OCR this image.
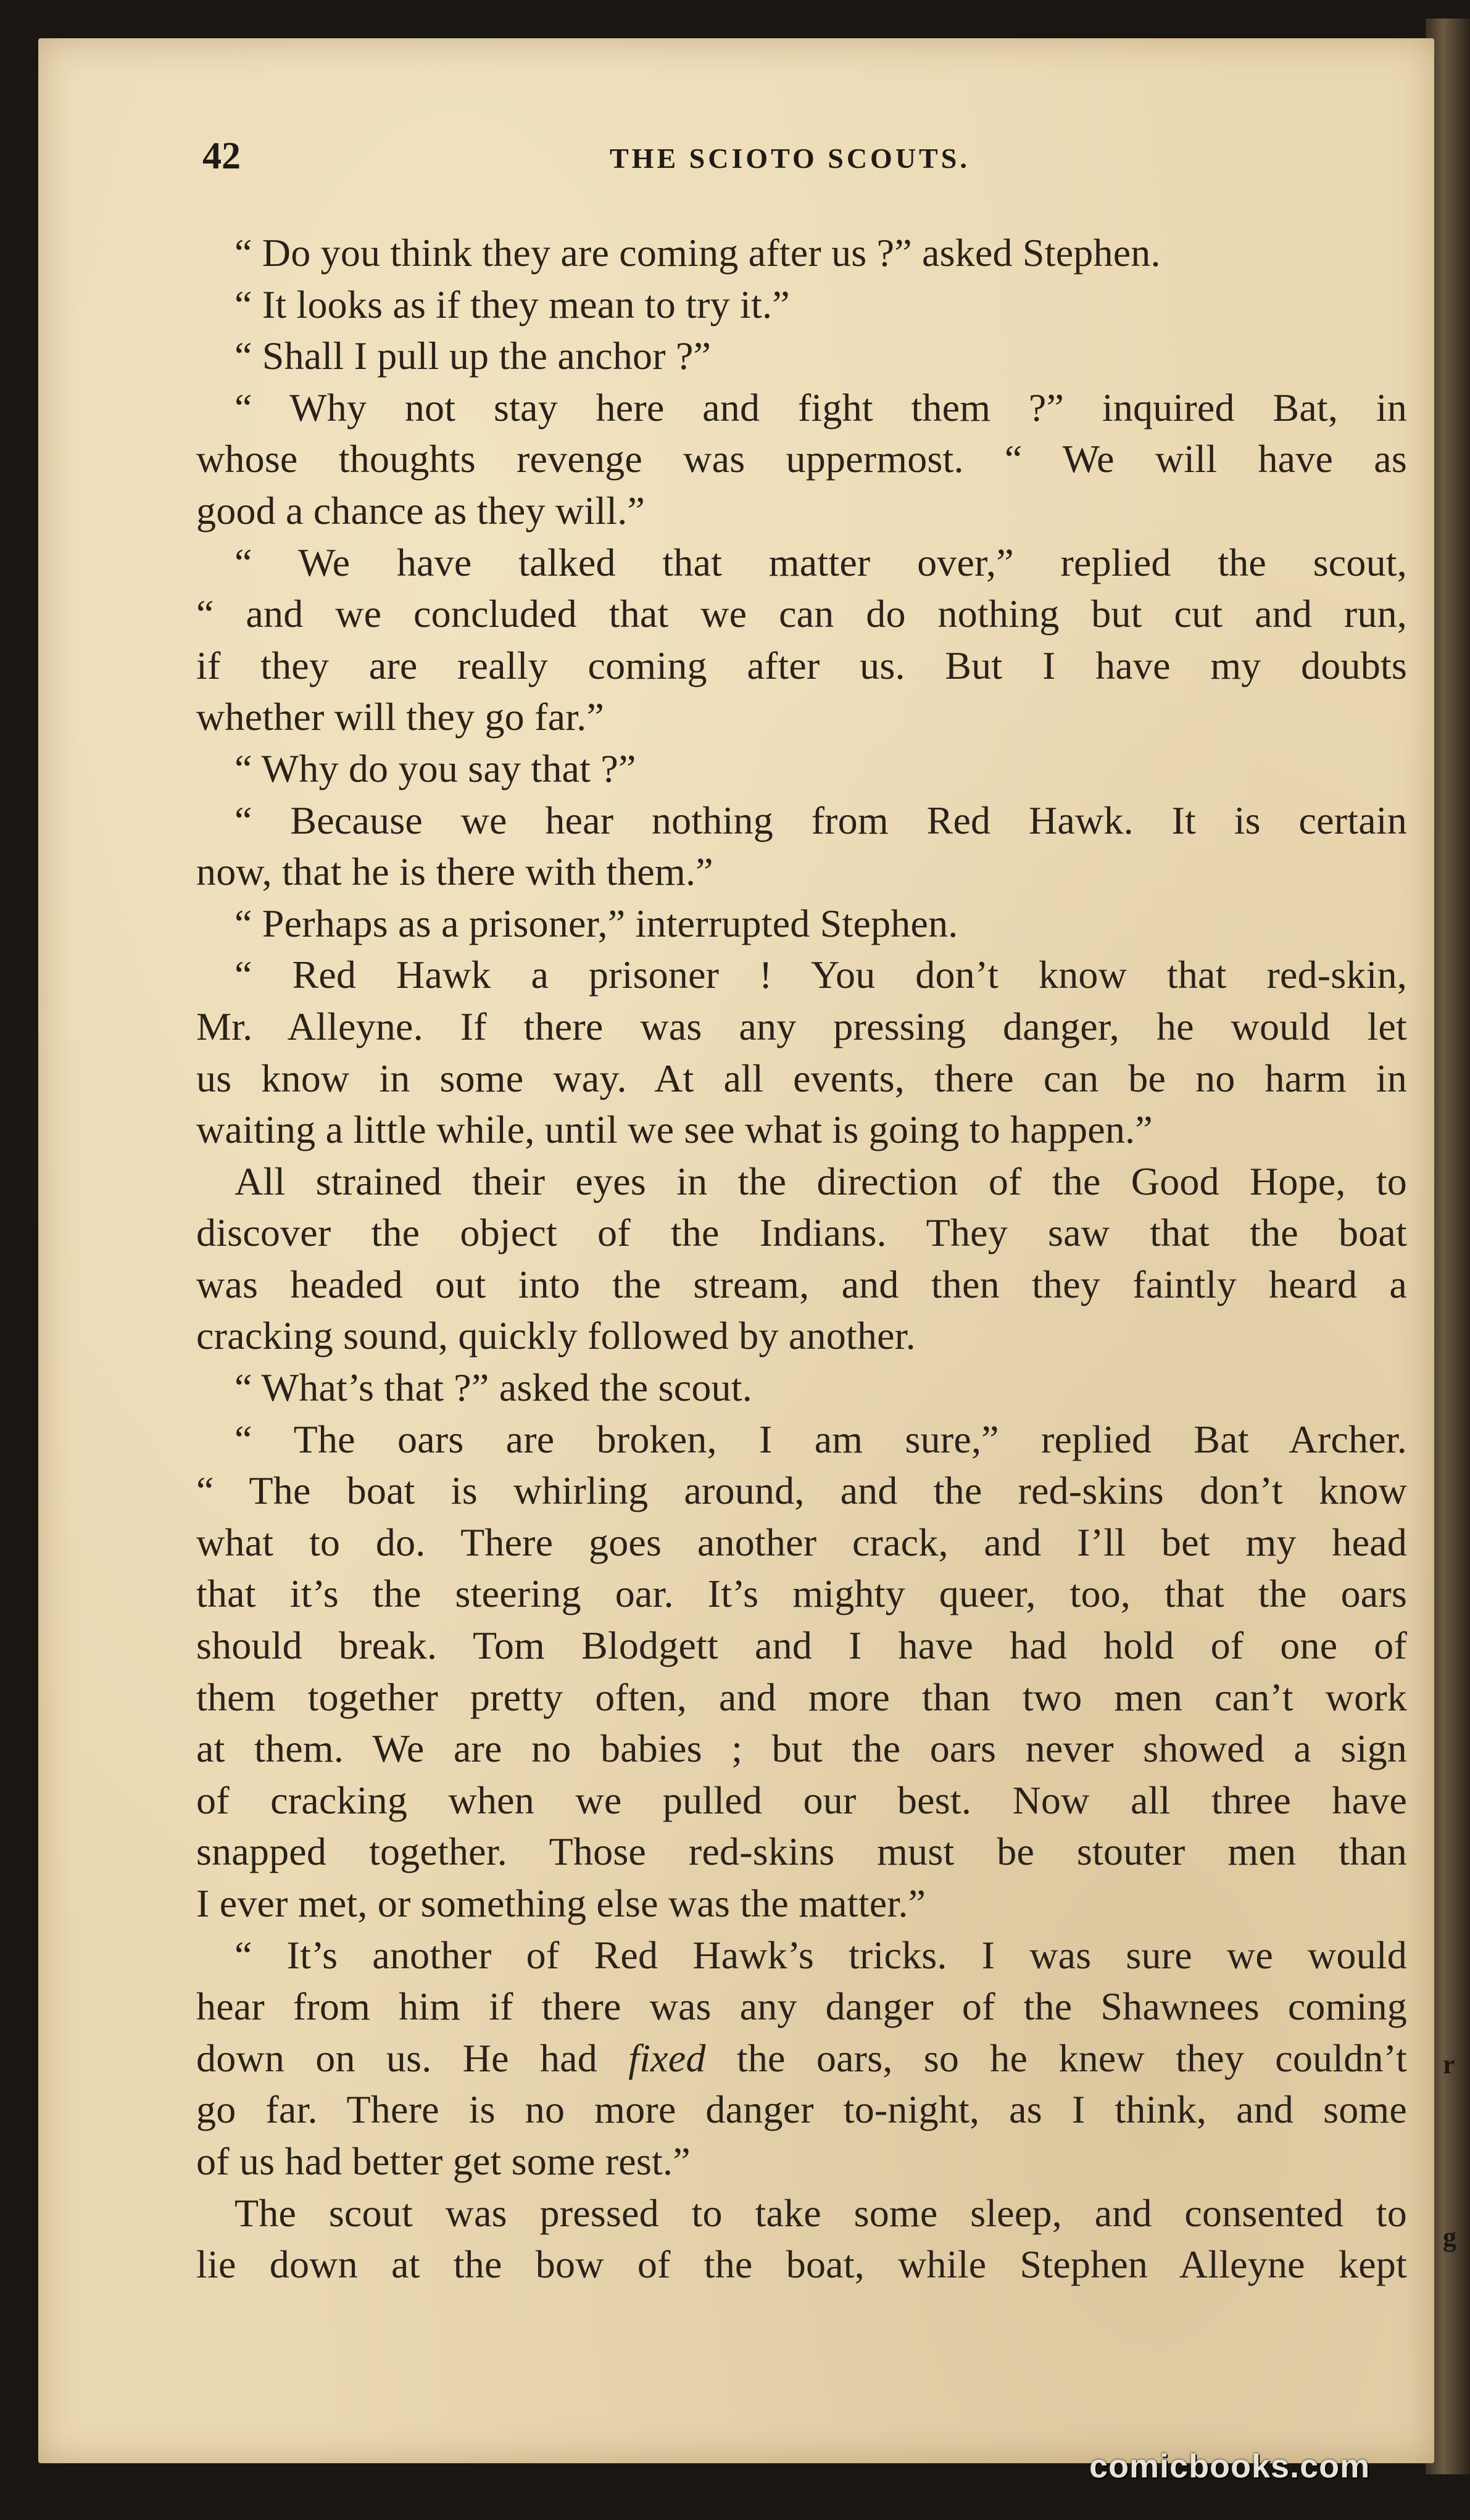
r
g
42	THE SCIOTO SCOUTS.
“ Do you think they are coming after us ?” asked Stephen.
“ It looks as if they mean to try it.”
“ Shall I pull up the anchor ?”
“ Why not stay here and fight them ?” inquired Bat, in
whose thoughts revenge was uppermost. “ We will have as
good a chance as they will.”
“ We have talked that matter over,” replied the scout,
“ and we concluded that we can do nothing but cut and run,
if they are really coming after us. But I have my doubts
whether will they go far.”
“ Why do you say that ?”
“ Because we hear nothing from Red Hawk. It is certain
now, that he is there with them.”
“ Perhaps as a prisoner,” interrupted Stephen.
“ Red Hawk a prisoner ! You don’t know that red-skin,
Mr. Alleyne. If there was any pressing danger, he would let
us know in some way. At all events, there can be no harm in
waiting a little while, until we see what is going to happen.”
All strained their eyes in the direction of the Good Hope, to
discover the object of the Indians. They saw that the boat
was headed out into the stream, and then they faintly heard a
cracking sound, quickly followed by another.
“ What’s that ?” asked the scout.
“ The oars are broken, I am sure,” replied Bat Archer.
“ The boat is whirling around, and the red-skins don’t know
what to do. There goes another crack, and I’ll bet my head
that it’s the steering oar. It’s mighty queer, too, that the oars
should break. Tom Blodgett and I have had hold of one of
them together pretty often, and more than two men can’t work
at them. We are no babies ; but the oars never showed a sign
of cracking when we pulled our best. Now all three have
snapped together. Those red-skins must be stouter men than
I ever met, or something else was the matter.”
“ It’s another of Red Hawk’s tricks. I was sure we would
hear from him if there was any danger of the Shawnees coming
down on us. He had fixed the oars, so he knew they couldn’t
go far. There is no more danger to-night, as I think, and some
of us had better get some rest.”
The scout was pressed to take some sleep, and consented to
lie down at the bow of the boat, while Stephen Alleyne kept
comicbooks.com
